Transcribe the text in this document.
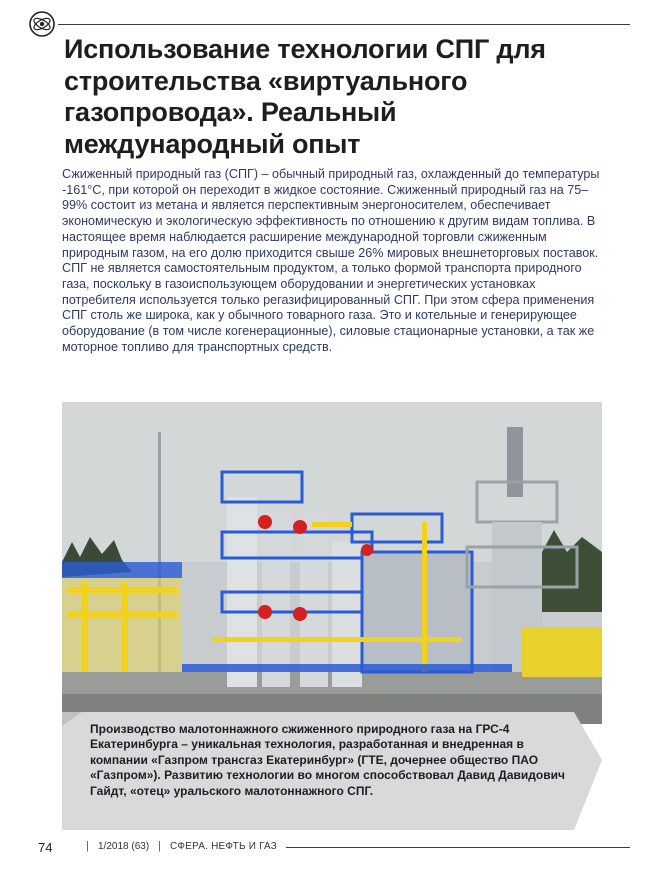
Использование технологии СПГ для строительства «виртуального газопровода». Реальный международный опыт

Сжиженный природный газ (СПГ) – обычный природный газ, охлажденный до температуры -161°С, при которой он переходит в жидкое состояние. Сжиженный природный газ на 75–99% состоит из метана и является перспективным энергоносителем, обеспечивает экономическую и экологическую эффективность по отношению к другим видам топлива. В настоящее время наблюдается расширение международной торговли сжиженным природным газом, на его долю приходится свыше 26% мировых внешнеторговых поставок. СПГ не является самостоятельным продуктом, а только формой транспорта природного газа, поскольку в газоиспользующем оборудовании и энергетических установках потребителя используется только регазифицированный СПГ. При этом сфера применения СПГ столь же широка, как у обычного товарного газа. Это и котельные и генерирующее оборудование (в том числе когенерационные), силовые стационарные установки, а так же моторное топливо для транспортных средств.

Производство малотоннажного сжиженного природного газа на ГРС-4 Екатеринбурга – уникальная технология, разработанная и внедренная в компании «Газпром трансгаз Екатеринбург» (ГТЕ, дочернее общество ПАО «Газпром»). Развитию технологии во многом способствовал Давид Давидович Гайдт, «отец» уральского малотоннажного СПГ.

74	| 1/2018 (63) | СФЕРА. НЕФТЬ И ГАЗ
